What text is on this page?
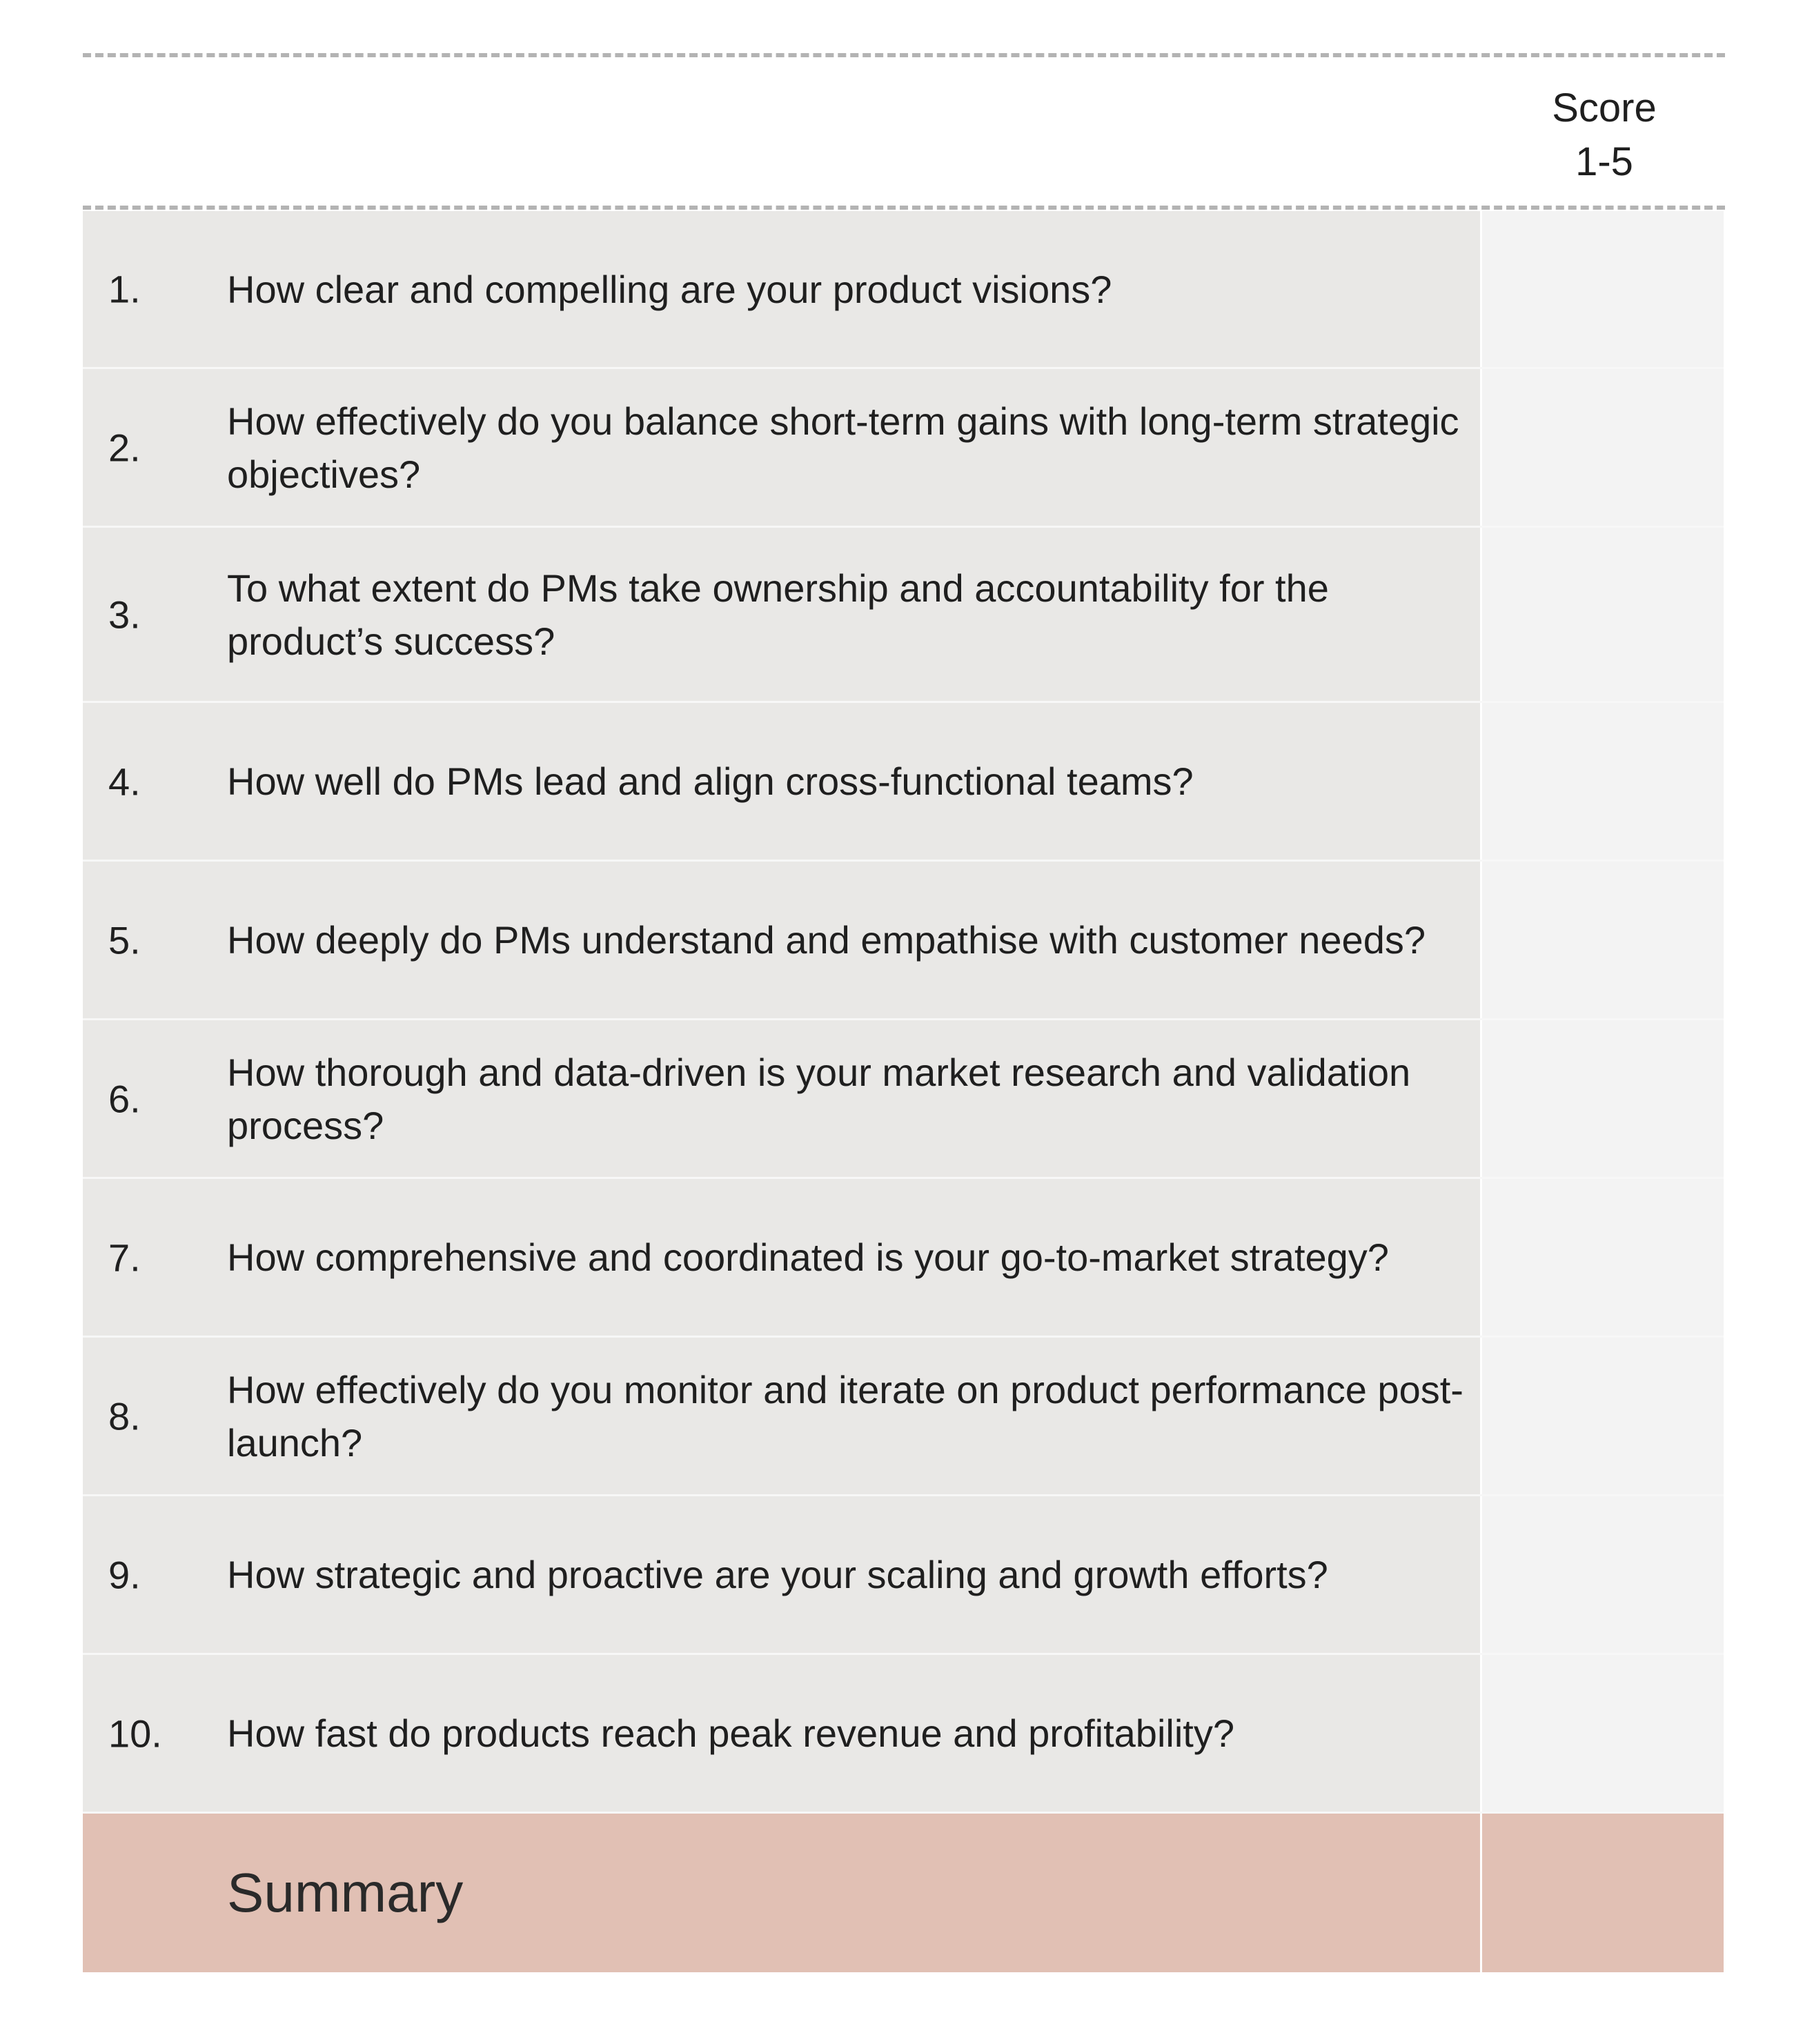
Score
1-5
1. How clear and compelling are your product visions?
2.
How effectively do you balance short-term gains with long-term strategic objectives?
3.
To what extent do PMs take ownership and accountability for the product’s success?
4. How well do PMs lead and align cross-functional teams?
5. How deeply do PMs understand and empathise with customer needs?
6.
How thorough and data-driven is your market research and validation process?
7. How comprehensive and coordinated is your go-to-market strategy?
8.
How effectively do you monitor and iterate on product performance post-launch?
9. How strategic and proactive are your scaling and growth efforts?
10. How fast do products reach peak revenue and profitability?
Summary
